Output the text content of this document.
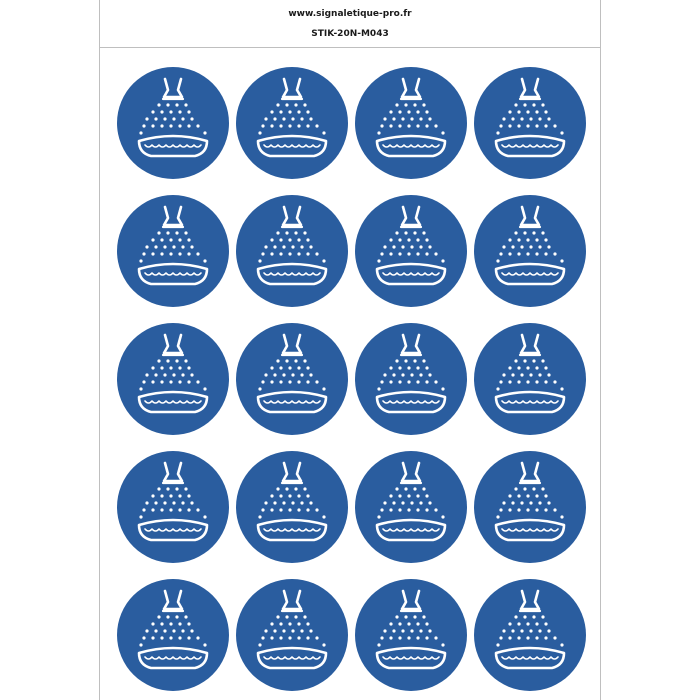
www.signaletique-pro.fr
STIK-20N-M043
